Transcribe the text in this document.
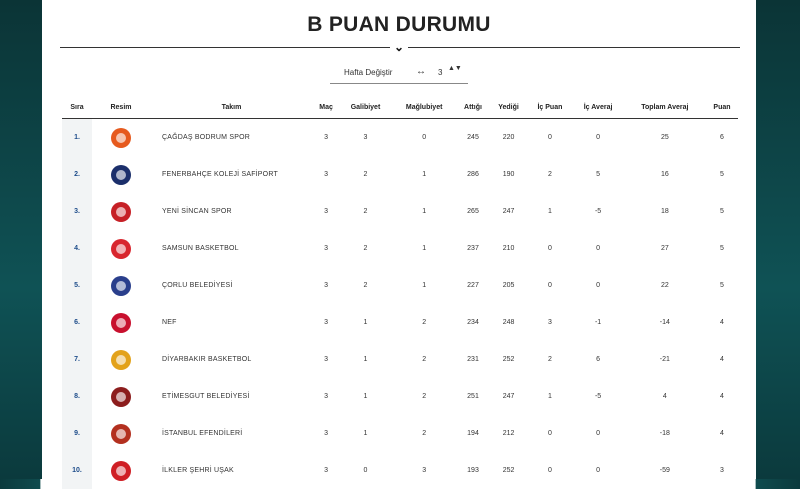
B PUAN DURUMU
⌄
Hafta Değiştir ↔ 3 ▲▼
Sıra	Resim	Takım	Maç	Galibiyet	Mağlubiyet	Attığı	Yediği	İç Puan	İç Averaj	Toplam Averaj	Puan
1.		ÇAĞDAŞ BODRUM SPOR	3	3	0	245	220	0	0	25	6
2.		FENERBAHÇE KOLEJİ SAFİPORT	3	2	1	286	190	2	5	16	5
3.		YENİ SİNCAN SPOR	3	2	1	265	247	1	-5	18	5
4.		SAMSUN BASKETBOL	3	2	1	237	210	0	0	27	5
5.		ÇORLU BELEDİYESİ	3	2	1	227	205	0	0	22	5
6.		NEF	3	1	2	234	248	3	-1	-14	4
7.		DİYARBAKIR BASKETBOL	3	1	2	231	252	2	6	-21	4
8.		ETİMESGUT BELEDİYESİ	3	1	2	251	247	1	-5	4	4
9.		İSTANBUL EFENDİLERİ	3	1	2	194	212	0	0	-18	4
10.		İLKLER ŞEHRİ UŞAK	3	0	3	193	252	0	0	-59	3
